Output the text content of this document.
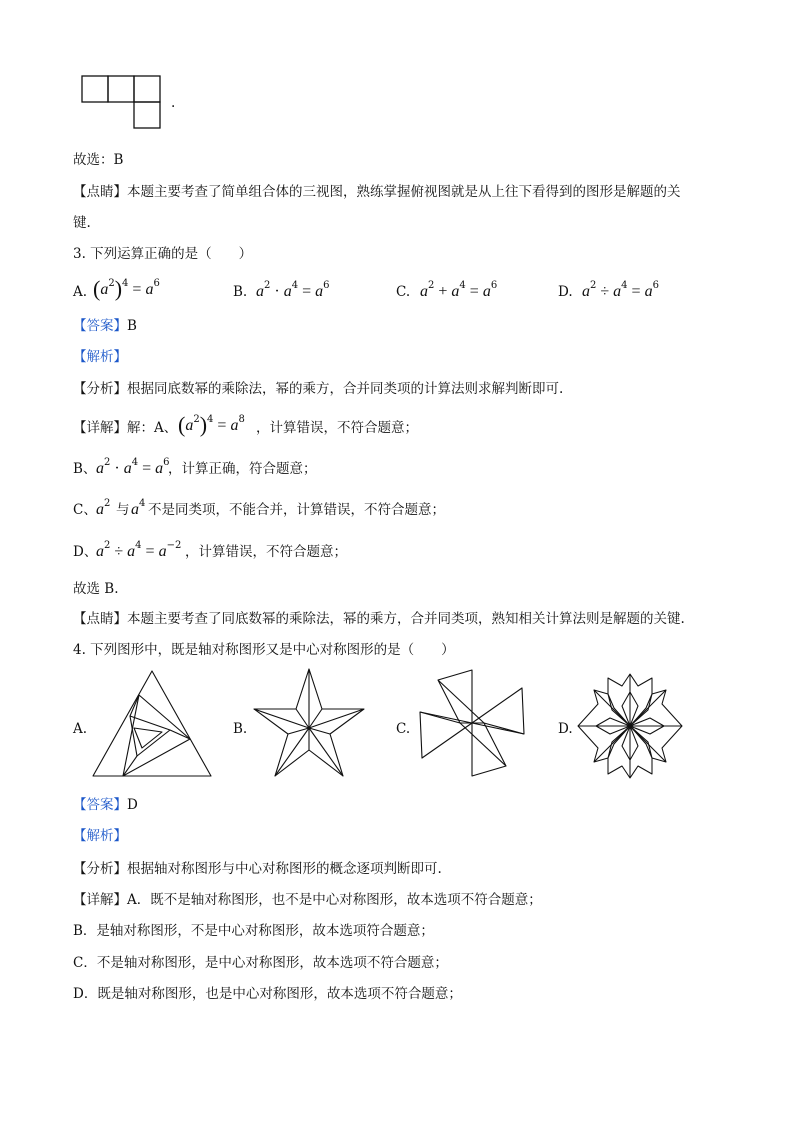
.
故选：B
【点睛】本题主要考查了简单组合体的三视图，熟练掌握俯视图就是从上往下看得到的图形是解题的关
键.
3. 下列运算正确的是（　　）
A. $(a^2)^4 = a^6$
B. $a^2 \cdot a^4 = a^6$	C. $a^2 + a^4 = a^6$	D. $a^2 \div a^4 = a^6$
【答案】B
【解析】
【分析】根据同底数幂的乘除法，幂的乘方，合并同类项的计算法则求解判断即可.
【详解】解：A、 $(a^2)^4 = a^8$
，计算错误，不符合题意；
B、 $a^2 \cdot a^4 = a^6$
，计算正确，符合题意；
C、 $a^2$ 与 $a^4$ 不是同类项，不能合并，计算错误，不符合题意；
D、
$a^2 \div a^4 = a^{-2}$ ，计算错误，不符合题意；
故选 B.
【点睛】本题主要考查了同底数幂的乘除法，幂的乘方，合并同类项，熟知相关计算法则是解题的关键.
4. 下列图形中，既是轴对称图形又是中心对称图形的是（　　）
A.	B.	C.	D.
【答案】D
【解析】
【分析】根据轴对称图形与中心对称图形的概念逐项判断即可.
【详解】A．既不是轴对称图形，也不是中心对称图形，故本选项不符合题意；
B．是轴对称图形，不是中心对称图形，故本选项符合题意；
C．不是轴对称图形，是中心对称图形，故本选项不符合题意；
D．既是轴对称图形，也是中心对称图形，故本选项不符合题意；
